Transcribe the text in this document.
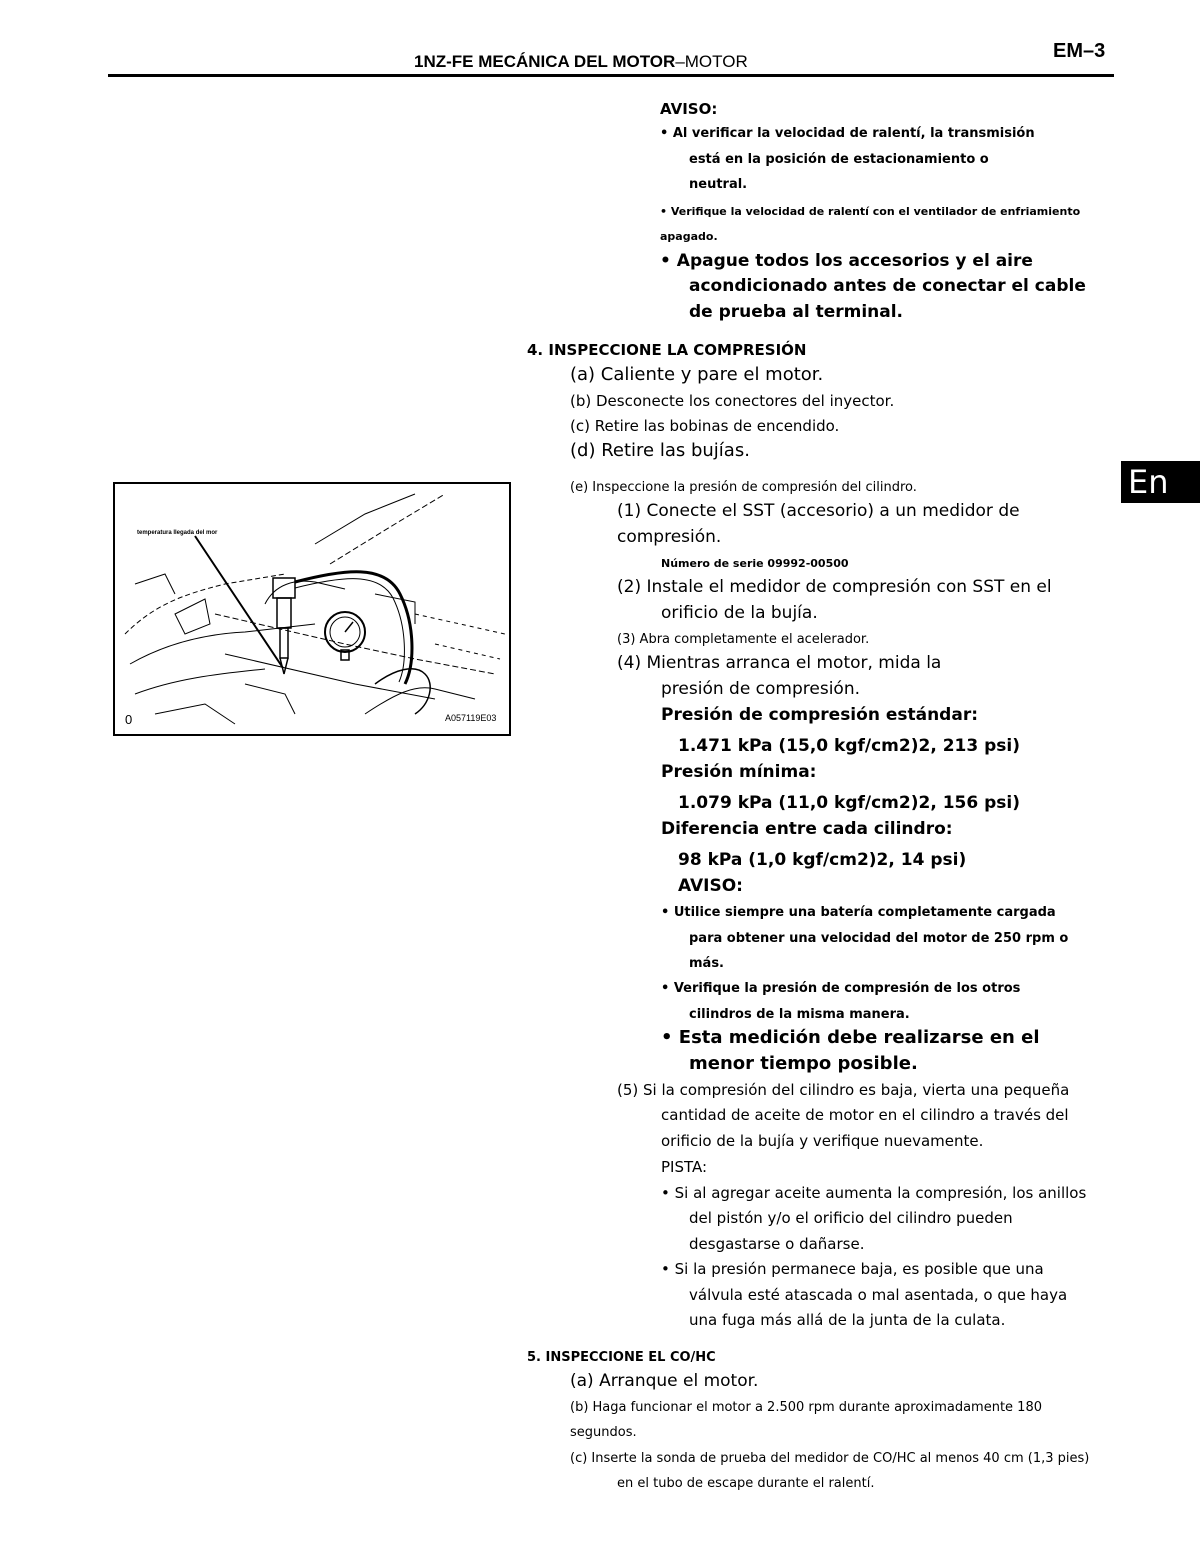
1NZ-FE MECÁNICA DEL MOTOR–MOTOR	EM–3
En
AVISO:
• Al verificar la velocidad de ralentí, la transmisión
está en la posición de estacionamiento o
neutral.
• Verifique la velocidad de ralentí con el ventilador de enfriamiento
apagado.
• Apague todos los accesorios y el aire
acondicionado antes de conectar el cable
de prueba al terminal.
4. INSPECCIONE LA COMPRESIÓN
(a) Caliente y pare el motor.
(b) Desconecte los conectores del inyector.
(c) Retire las bobinas de encendido.
(d) Retire las bujías.
(e) Inspeccione la presión de compresión del cilindro.
(1) Conecte el SST (accesorio) a un medidor de
compresión.
Número de serie 09992-00500
(2) Instale el medidor de compresión con SST en el
orificio de la bujía.
(3) Abra completamente el acelerador.
(4) Mientras arranca el motor, mida la
presión de compresión.
Presión de compresión estándar:
1.471 kPa (15,0 kgf/cm2)2, 213 psi)
Presión mínima:
1.079 kPa (11,0 kgf/cm2)2, 156 psi)
Diferencia entre cada cilindro:
98 kPa (1,0 kgf/cm2)2, 14 psi)
AVISO:
• Utilice siempre una batería completamente cargada
para obtener una velocidad del motor de 250 rpm o
más.
• Verifique la presión de compresión de los otros
cilindros de la misma manera.
• Esta medición debe realizarse en el
menor tiempo posible.
(5) Si la compresión del cilindro es baja, vierta una pequeña
cantidad de aceite de motor en el cilindro a través del
orificio de la bujía y verifique nuevamente.
PISTA:
• Si al agregar aceite aumenta la compresión, los anillos
del pistón y/o el orificio del cilindro pueden
desgastarse o dañarse.
• Si la presión permanece baja, es posible que una
válvula esté atascada o mal asentada, o que haya
una fuga más allá de la junta de la culata.
5. INSPECCIONE EL CO/HC
(a) Arranque el motor.
(b) Haga funcionar el motor a 2.500 rpm durante aproximadamente 180
segundos.
(c) Inserte la sonda de prueba del medidor de CO/HC al menos 40 cm (1,3 pies)
en el tubo de escape durante el ralentí.
temperatura llegada del mor
0	A057119E03
